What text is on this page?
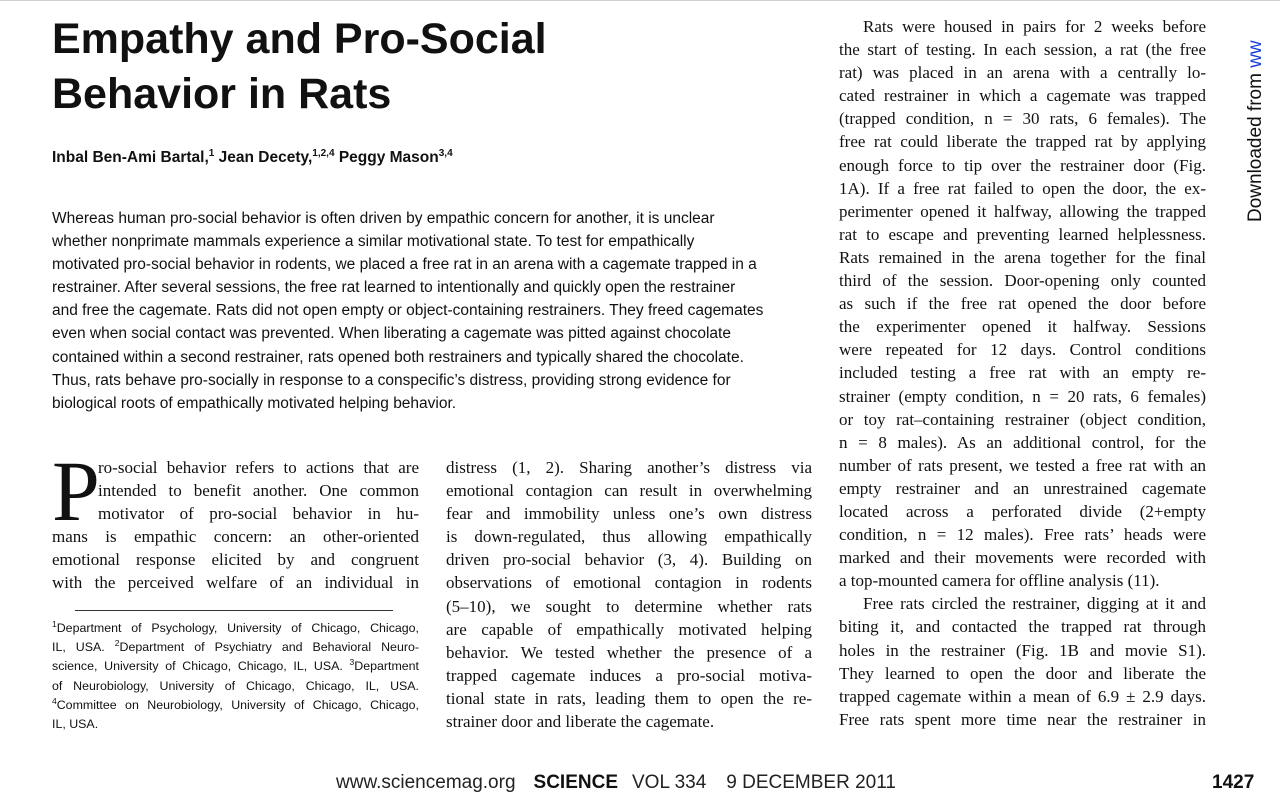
Empathy and Pro-Social
Behavior in Rats
Inbal Ben-Ami Bartal,$^1$ Jean Decety,$^{1,2,4}$ Peggy Mason$^{3,4}$
Whereas human pro-social behavior is often driven by empathic concern for another, it is unclear
whether nonprimate mammals experience a similar motivational state. To test for empathically
motivated pro-social behavior in rodents, we placed a free rat in an arena with a cagemate trapped in a
restrainer. After several sessions, the free rat learned to intentionally and quickly open the restrainer
and free the cagemate. Rats did not open empty or object-containing restrainers. They freed cagemates
even when social contact was prevented. When liberating a cagemate was pitted against chocolate
contained within a second restrainer, rats opened both restrainers and typically shared the chocolate.
Thus, rats behave pro-socially in response to a conspecific’s distress, providing strong evidence for
biological roots of empathically motivated helping behavior.
P
ro-social behavior refers to actions that are
intended to benefit another. One common
motivator of pro-social behavior in hu-
mans is empathic concern: an other-oriented
emotional response elicited by and congruent
with the perceived welfare of an individual in
$^1$Department of Psychology, University of Chicago, Chicago,
IL, USA. $^2$Department of Psychiatry and Behavioral Neuro-
science, University of Chicago, Chicago, IL, USA. $^3$Department
of Neurobiology, University of Chicago, Chicago, IL, USA.
$^4$Committee on Neurobiology, University of Chicago, Chicago,
IL, USA.
distress (1, 2). Sharing another’s distress via
emotional contagion can result in overwhelming
fear and immobility unless one’s own distress
is down-regulated, thus allowing empathically
driven pro-social behavior (3, 4). Building on
observations of emotional contagion in rodents
(5–10), we sought to determine whether rats
are capable of empathically motivated helping
behavior. We tested whether the presence of a
trapped cagemate induces a pro-social motiva-
tional state in rats, leading them to open the re-
strainer door and liberate the cagemate.
Rats were housed in pairs for 2 weeks before
the start of testing. In each session, a rat (the free
rat) was placed in an arena with a centrally lo-
cated restrainer in which a cagemate was trapped
(trapped condition, n = 30 rats, 6 females). The
free rat could liberate the trapped rat by applying
enough force to tip over the restrainer door (Fig.
1A). If a free rat failed to open the door, the ex-
perimenter opened it halfway, allowing the trapped
rat to escape and preventing learned helplessness.
Rats remained in the arena together for the final
third of the session. Door-opening only counted
as such if the free rat opened the door before
the experimenter opened it halfway. Sessions
were repeated for 12 days. Control conditions
included testing a free rat with an empty re-
strainer (empty condition, n = 20 rats, 6 females)
or toy rat–containing restrainer (object condition,
n = 8 males). As an additional control, for the
number of rats present, we tested a free rat with an
empty restrainer and an unrestrained cagemate
located across a perforated divide (2+empty
condition, n = 12 males). Free rats’ heads were
marked and their movements were recorded with
a top-mounted camera for offline analysis (11).
Free rats circled the restrainer, digging at it and
biting it, and contacted the trapped rat through
holes in the restrainer (Fig. 1B and movie S1).
They learned to open the door and liberate the
trapped cagemate within a mean of 6.9 ± 2.9 days.
Free rats spent more time near the restrainer in
www.sciencemag.org SCIENCE VOL 334 9 DECEMBER 2011	1427
Downloaded from ww
